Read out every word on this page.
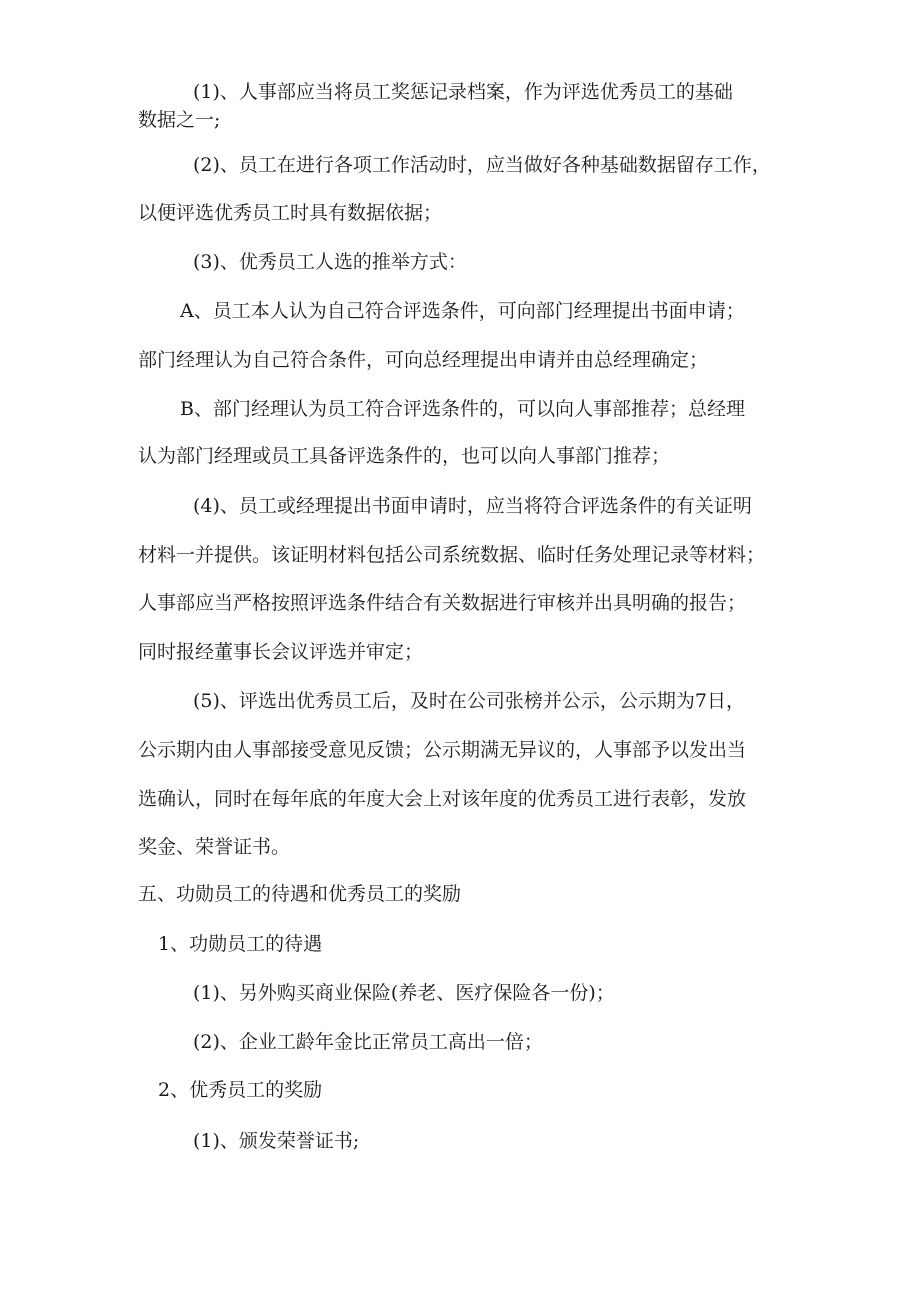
(1)、人事部应当将员工奖惩记录档案，作为评选优秀员工的基础
数据之一;
(2)、员工在进行各项工作活动时，应当做好各种基础数据留存工作，
以便评选优秀员工时具有数据依据；
(3)、优秀员工人选的推举方式：
A、员工本人认为自己符合评选条件，可向部门经理提出书面申请；
部门经理认为自己符合条件，可向总经理提出申请并由总经理确定；
B、部门经理认为员工符合评选条件的，可以向人事部推荐；总经理
认为部门经理或员工具备评选条件的，也可以向人事部门推荐；
(4)、员工或经理提出书面申请时，应当将符合评选条件的有关证明
材料一并提供。该证明材料包括公司系统数据、临时任务处理记录等材料；
人事部应当严格按照评选条件结合有关数据进行审核并出具明确的报告；
同时报经董事长会议评选并审定；
(5)、评选出优秀员工后，及时在公司张榜并公示，公示期为7日，
公示期内由人事部接受意见反馈；公示期满无异议的，人事部予以发出当
选确认，同时在每年底的年度大会上对该年度的优秀员工进行表彰，发放
奖金、荣誉证书。
五、功勋员工的待遇和优秀员工的奖励
1、功勋员工的待遇
(1)、另外购买商业保险(养老、医疗保险各一份)；
(2)、企业工龄年金比正常员工高出一倍；
2、优秀员工的奖励
(1)、颁发荣誉证书;
